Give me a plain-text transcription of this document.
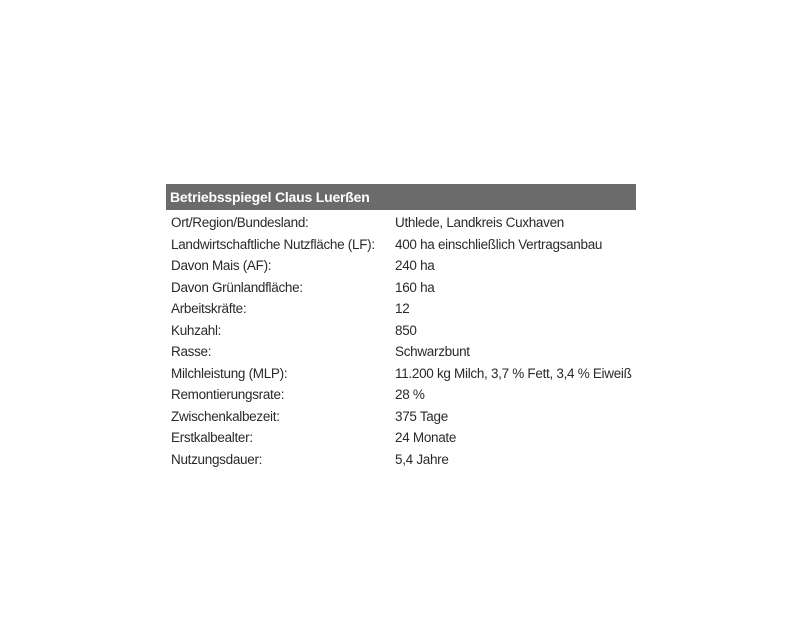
Betriebsspiegel Claus Luerßen
Ort/Region/Bundesland:	Uthlede, Landkreis Cuxhaven
Landwirtschaftliche Nutzfläche (LF):	400 ha einschließlich Vertragsanbau
Davon Mais (AF):	240 ha
Davon Grünlandfläche:	160 ha
Arbeitskräfte:	12
Kuhzahl:	850
Rasse:	Schwarzbunt
Milchleistung (MLP):	11.200 kg Milch, 3,7 % Fett, 3,4 % Eiweiß
Remontierungsrate:	28 %
Zwischenkalbezeit:	375 Tage
Erstkalbealter:	24 Monate
Nutzungsdauer:	5,4 Jahre
